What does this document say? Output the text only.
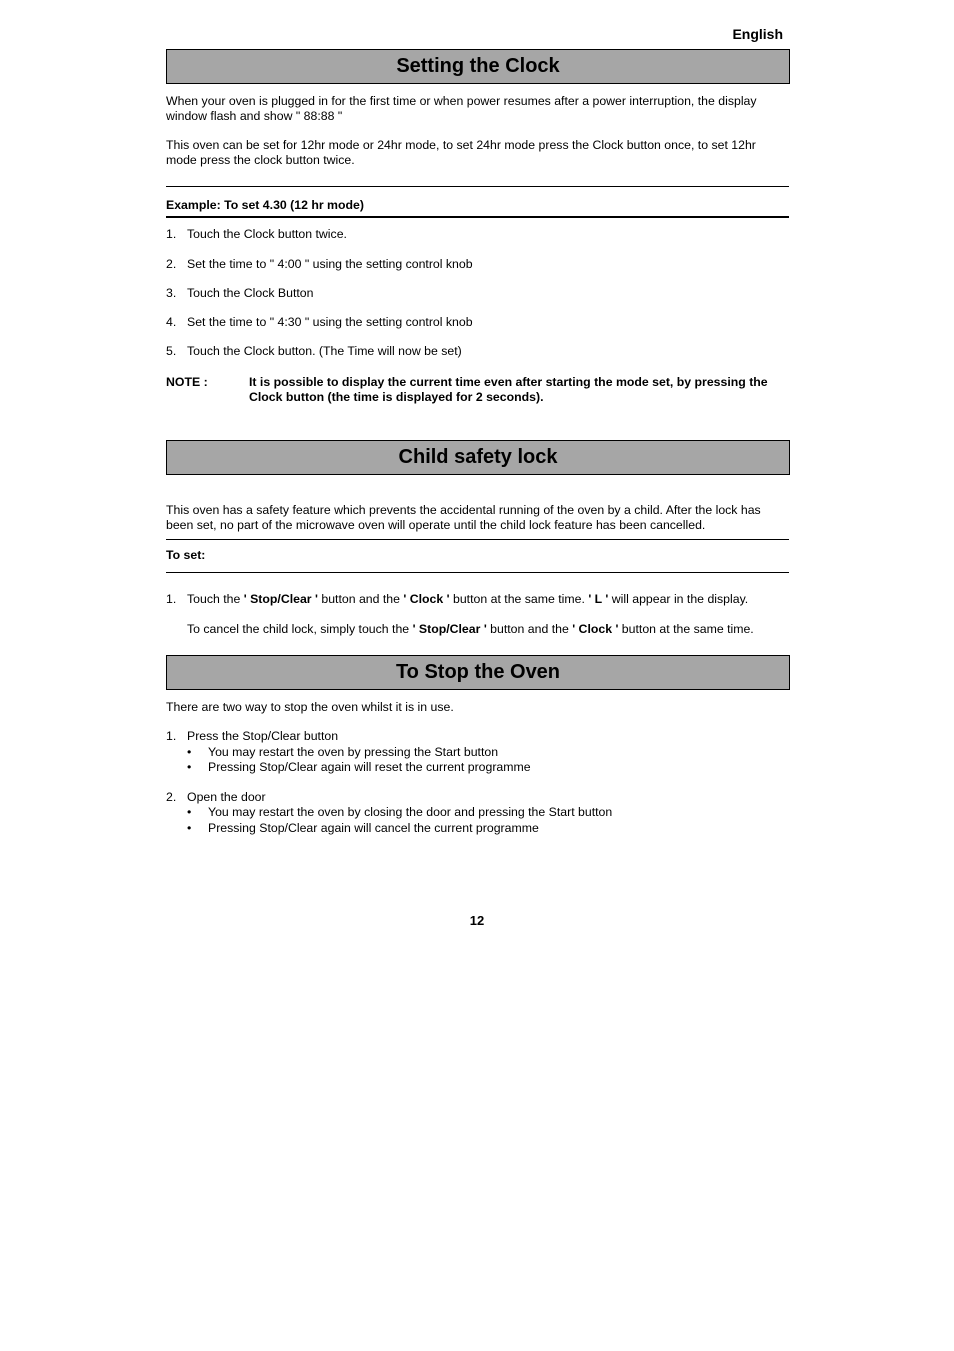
English
Setting the Clock
When your oven is plugged in for the first time or when power resumes after a power interruption, the display window flash and show " 88:88 "
This oven can be set for 12hr mode or 24hr mode, to set 24hr mode press the Clock button once, to set 12hr mode press the clock button twice.
Example: To set 4.30 (12 hr mode)
1. Touch the Clock button twice.
2. Set the time to " 4:00 " using the setting control knob
3. Touch the Clock Button
4. Set the time to " 4:30 " using the setting control knob
5. Touch the Clock button. (The Time will now be set)
NOTE :	It is possible to display the current time even after starting the mode set, by pressing the Clock button (the time is displayed for 2 seconds).
Child safety lock
This oven has a safety feature which prevents the accidental running of the oven by a child. After the lock has been set, no part of the microwave oven will operate until the child lock feature has been cancelled.
To set:
1. Touch the ' Stop/Clear ' button and the ' Clock ' button at the same time. ' L ' will appear in the display.
To cancel the child lock, simply touch the ' Stop/Clear ' button and the ' Clock ' button at the same time.
To Stop the Oven
There are two way to stop the oven whilst it is in use.
1. Press the Stop/Clear button
• You may restart the oven by pressing the Start button
• Pressing Stop/Clear again will reset the current programme
2. Open the door
• You may restart the oven by closing the door and pressing the Start button
• Pressing Stop/Clear again will cancel the current programme
12
